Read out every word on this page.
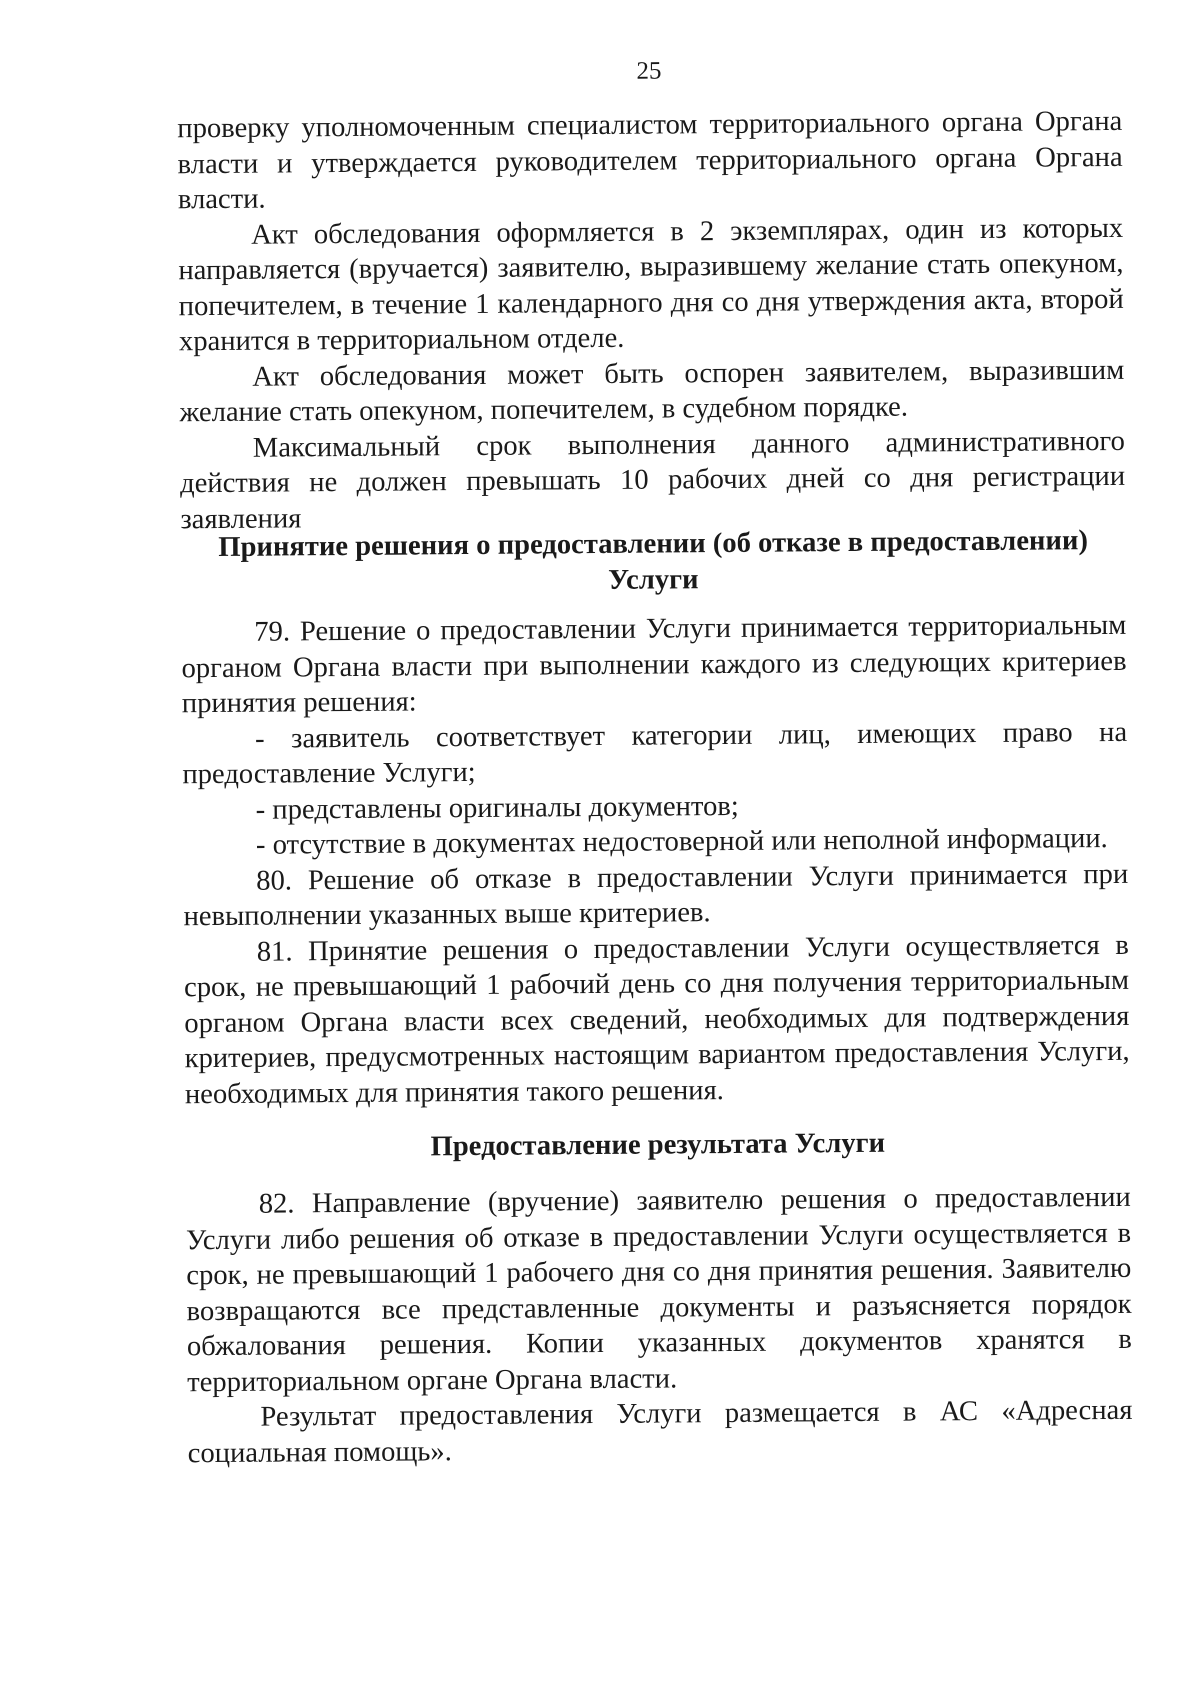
25

проверку уполномоченным специалистом территориального органа Органа власти и утверждается руководителем территориального органа Органа власти.

Акт обследования оформляется в 2 экземплярах, один из которых направляется (вручается) заявителю, выразившему желание стать опекуном, попечителем, в течение 1 календарного дня со дня утверждения акта, второй хранится в территориальном отделе.

Акт обследования может быть оспорен заявителем, выразившим желание стать опекуном, попечителем, в судебном порядке.

Максимальный срок выполнения данного административного действия не должен превышать 10 рабочих дней со дня регистрации заявления

Принятие решения о предоставлении (об отказе в предоставлении) Услуги

79. Решение о предоставлении Услуги принимается территориальным органом Органа власти при выполнении каждого из следующих критериев принятия решения:

- заявитель соответствует категории лиц, имеющих право на предоставление Услуги;

- представлены оригиналы документов;

- отсутствие в документах недостоверной или неполной информации.

80. Решение об отказе в предоставлении Услуги принимается при невыполнении указанных выше критериев.

81. Принятие решения о предоставлении Услуги осуществляется в срок, не превышающий 1 рабочий день со дня получения территориальным органом Органа власти всех сведений, необходимых для подтверждения критериев, предусмотренных настоящим вариантом предоставления Услуги, необходимых для принятия такого решения.

Предоставление результата Услуги

82. Направление (вручение) заявителю решения о предоставлении Услуги либо решения об отказе в предоставлении Услуги осуществляется в срок, не превышающий 1 рабочего дня со дня принятия решения. Заявителю возвращаются все представленные документы и разъясняется порядок обжалования решения. Копии указанных документов хранятся в территориальном органе Органа власти.

Результат предоставления Услуги размещается в АС «Адресная социальная помощь».
